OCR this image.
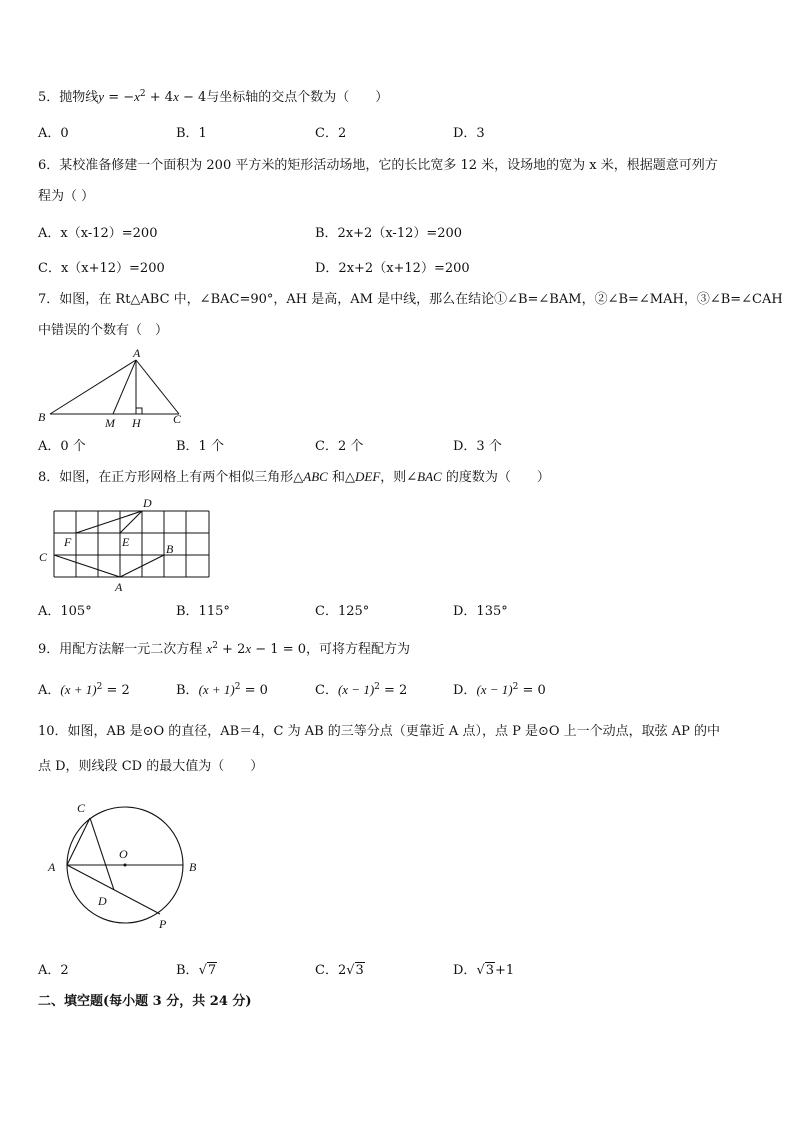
5．抛物线$y = -x^2 + 4x - 4$与坐标轴的交点个数为（　　）
A．0	B．1	C．2	D．3
6．某校准备修建一个面积为 200 平方米的矩形活动场地，它的长比宽多 12 米，设场地的宽为 x 米，根据题意可列方
程为（ ）
A．x（x-12）=200	B．2x+2（x-12）=200
C．x（x+12）=200	D．2x+2（x+12）=200
7．如图，在 Rt△ABC 中，∠BAC=90°，AH 是高，AM 是中线，那么在结论①∠B=∠BAM，②∠B=∠MAH，③∠B=∠CAH
中错误的个数有（　）
A
B	C
M H
A．0 个	B．1 个	C．2 个	D．3 个
8．如图，在正方形网格上有两个相似三角形△ABC 和△DEF，则∠BAC 的度数为（　　）
D
F	E	B
C
A
A．105°	B．115°	C．125°	D．135°
9．用配方法解一元二次方程 $x^2 + 2x - 1 = 0$，可将方程配方为
A．$(x + 1)^2 = 2$	B．$(x + 1)^2 = 0$	C．$(x - 1)^2 = 2$	D．$(x - 1)^2 = 0$
10．如图，AB 是⊙O 的直径，AB＝4，C 为 AB 的三等分点（更靠近 A 点），点 P 是⊙O 上一个动点，取弦 AP 的中
点 D，则线段 CD 的最大值为（　　）
C
O
A	B
D
P
A．2	B．√7	C．2√3	D．√3+1
二、填空题(每小题 3 分，共 24 分)
